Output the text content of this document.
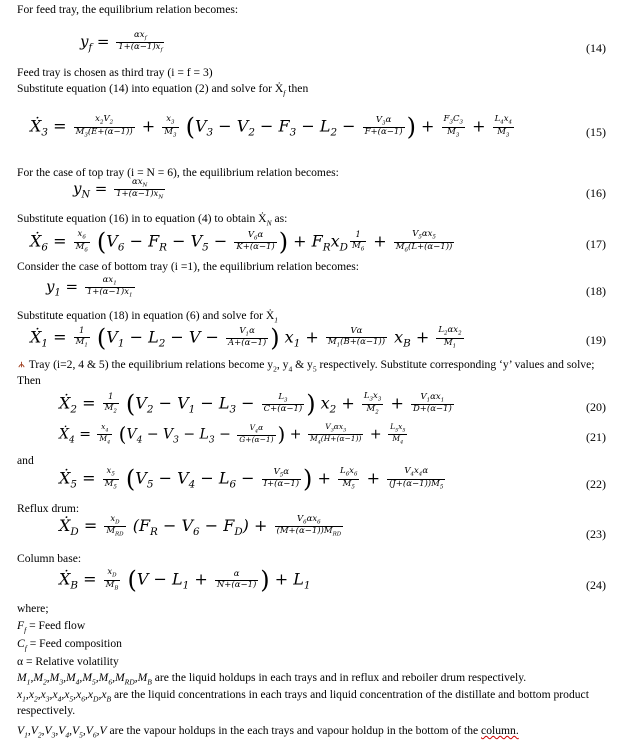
For feed tray, the equilibrium relation becomes:
$y_f = \frac{\alpha x_f}{1+(\alpha-1)x_f}$	(14)
Feed tray is chosen as third tray (i = f = 3)
Substitute equation (14) into equation (2) and solve for Ẋ$_f$ then
Ẋ$_3$ = $\frac{x_2V_2}{M_3(E+(\alpha-1))} + \frac{x_3}{M_3} (V_3 - V_2 - F_3 - L_2 - \frac{V_3\alpha}{F+(\alpha-1)}$ ) + $\frac{F_3C_3}{M_3} + \frac{L_4x_4}{M_3}$	(15)
For the case of top tray (i = N = 6), the equilibrium relation becomes:
$y_N = \frac{\alpha x_N}{1+(\alpha-1)x_N}$	(16)
Substitute equation (16) in to equation (4) to obtain Ẋ$_N$ as:
Ẋ$_6$ = $\frac{x_6}{M_6} (V_6 - F_R - V_5 - \frac{V_6\alpha}{K+(\alpha-1)}$ ) + $F_Rx_D \frac{1}{M_6} + \frac{V_5\alpha x_5}{M_6(L+(\alpha-1))}$	(17)
Consider the case of bottom tray (i =1), the equilibrium relation becomes:
$y_1 = \frac{\alpha x_1}{1+(\alpha-1)x_1}$	(18)
Substitute equation (18) in equation (6) and solve for Ẋ$_1$
Ẋ$_1$ = $\frac{1}{M_1} (V_1 - L_2 - V - \frac{V_1\alpha}{A+(\alpha-1)}$ ) $x_1 + \frac{V\alpha}{M_1(B+(\alpha-1))} x_B + \frac{L_2\alpha x_2}{M_1}$	(19)
Tray (i=2, 4 & 5) the equilibrium relations become $y_2$, $y_4$ & $y_5$ respectively. Substitute corresponding ‘y’ values and solve;
Then
Ẋ$_2$ = $\frac{1}{M_2} (V_2 - V_1 - L_3 - \frac{L_3}{C+(\alpha-1)}$ ) $x_2 + \frac{L_3x_3}{M_2} + \frac{V_1\alpha x_1}{D+(\alpha-1)}$	(20)
Ẋ$_4$ = $\frac{x_4}{M_4} (V_4 - V_3 - L_3 - \frac{V_4\alpha}{G+(\alpha-1)}$ ) + $\frac{V_3\alpha x_3}{M_4(H+(\alpha-1))} + \frac{L_5x_5}{M_4}$	(21)
and
Ẋ$_5$ = $\frac{x_5}{M_5} (V_5 - V_4 - L_6 - \frac{V_5\alpha}{I+(\alpha-1)}$ ) + $\frac{L_6x_6}{M_5} + \frac{V_4x_4\alpha}{(J+(\alpha-1))M_5}$	(22)
Reflux drum:
Ẋ$_D$ = $\frac{x_D}{M_{RD}} (F_R - V_6 - F_D) + \frac{V_6\alpha x_6}{(M+(\alpha-1))M_{RD}}$	(23)
Column base:
Ẋ$_B$ = $\frac{x_D}{M_B} (V - L_1 + \frac{\alpha}{N+(\alpha-1)}$ ) + $L_1$	(24)
where;
$F_f$ = Feed flow
$C_f$ = Feed composition
α = Relative volatility
$M_1,M_2,M_3,M_4,M_5,M_6,M_{RD},M_B$ are the liquid holdups in each trays and in reflux and reboiler drum respectively.
$x_1,x_2,x_3,x_4,x_5,x_6,x_D,x_B$ are the liquid concentrations in each trays and liquid concentration of the distillate and bottom product respectively.
$V_1,V_2,V_3,V_4,V_5,V_6,V$ are the vapour holdups in the each trays and vapour holdup in the bottom of the column.
